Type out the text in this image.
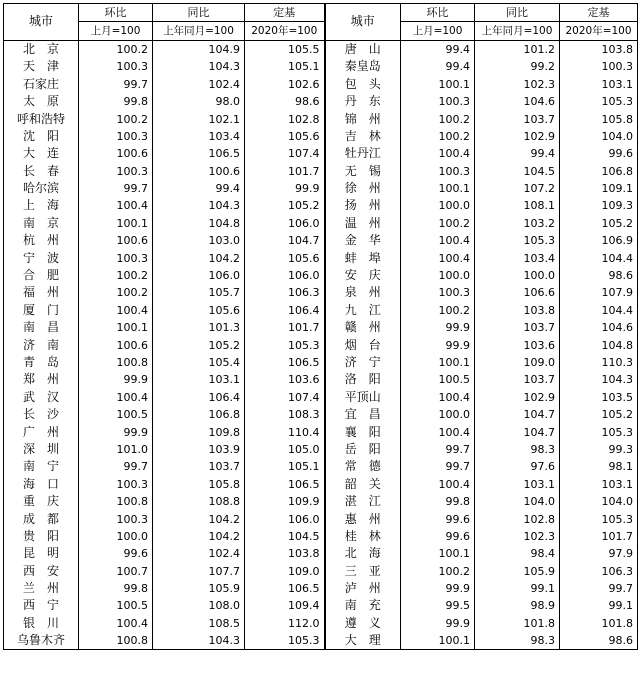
城市	环比	同比	定基	城市	环比	同比	定基
	上月=100	上年同月=100	2020年=100		上月=100	上年同月=100	2020年=100
北　京	100.2	104.9	105.5	唐　山	99.4	101.2	103.8
天　津	100.3	104.3	105.1	秦皇岛	99.4	99.2	100.3
石家庄	99.7	102.4	102.6	包　头	100.1	102.3	103.1
太　原	99.8	98.0	98.6	丹　东	100.3	104.6	105.3
呼和浩特	100.2	102.1	102.8	锦　州	100.2	103.7	105.8
沈　阳	100.3	103.4	105.6	吉　林	100.2	102.9	104.0
大　连	100.6	106.5	107.4	牡丹江	100.4	99.4	99.6
长　春	100.3	100.6	101.7	无　锡	100.3	104.5	106.8
哈尔滨	99.7	99.4	99.9	徐　州	100.1	107.2	109.1
上　海	100.4	104.3	105.2	扬　州	100.0	108.1	109.3
南　京	100.1	104.8	106.0	温　州	100.2	103.2	105.2
杭　州	100.6	103.0	104.7	金　华	100.4	105.3	106.9
宁　波	100.3	104.2	105.6	蚌　埠	100.4	103.4	104.4
合　肥	100.2	106.0	106.0	安　庆	100.0	100.0	98.6
福　州	100.2	105.7	106.3	泉　州	100.3	106.6	107.9
厦　门	100.4	105.6	106.4	九　江	100.2	103.8	104.4
南　昌	100.1	101.3	101.7	赣　州	99.9	103.7	104.6
济　南	100.6	105.2	105.3	烟　台	99.9	103.6	104.8
青　岛	100.8	105.4	106.5	济　宁	100.1	109.0	110.3
郑　州	99.9	103.1	103.6	洛　阳	100.5	103.7	104.3
武　汉	100.4	106.4	107.4	平顶山	100.4	102.9	103.5
长　沙	100.5	106.8	108.3	宜　昌	100.0	104.7	105.2
广　州	99.9	109.8	110.4	襄　阳	100.4	104.7	105.3
深　圳	101.0	103.9	105.0	岳　阳	99.7	98.3	99.3
南　宁	99.7	103.7	105.1	常　德	99.7	97.6	98.1
海　口	100.3	105.8	106.5	韶　关	100.4	103.1	103.1
重　庆	100.8	108.8	109.9	湛　江	99.8	104.0	104.0
成　都	100.3	104.2	106.0	惠　州	99.6	102.8	105.3
贵　阳	100.0	104.2	104.5	桂　林	99.6	102.3	101.7
昆　明	99.6	102.4	103.8	北　海	100.1	98.4	97.9
西　安	100.7	107.7	109.0	三　亚	100.2	105.9	106.3
兰　州	99.8	105.9	106.5	泸　州	99.9	99.1	99.7
西　宁	100.5	108.0	109.4	南　充	99.5	98.9	99.1
银　川	100.4	108.5	112.0	遵　义	99.9	101.8	101.8
乌鲁木齐	100.8	104.3	105.3	大　理	100.1	98.3	98.6
